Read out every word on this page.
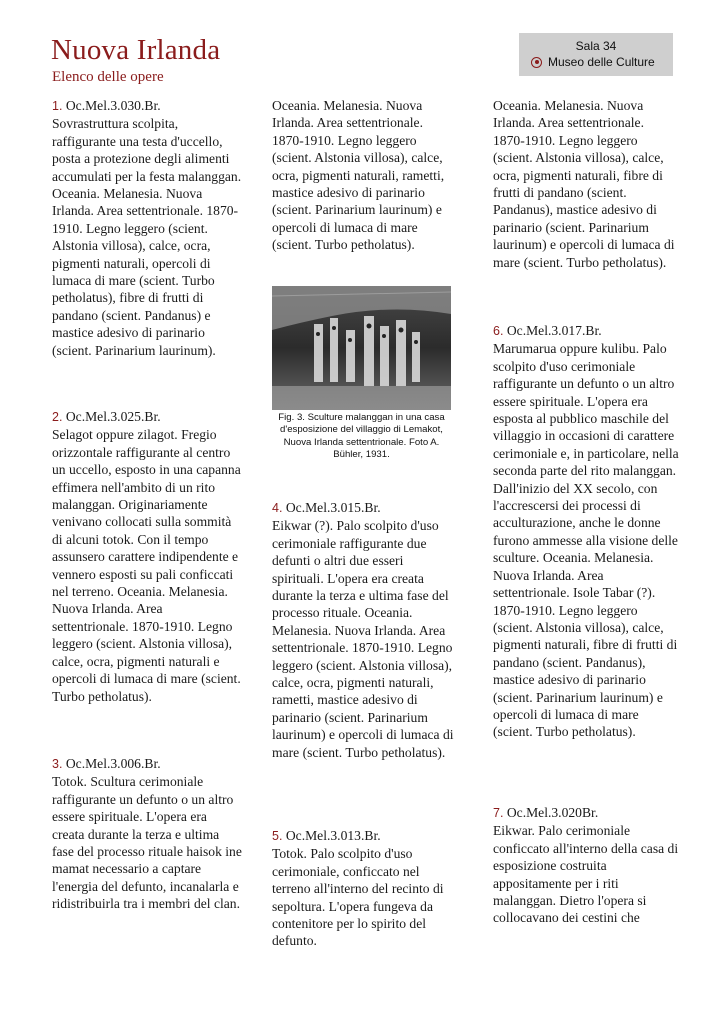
Nuova Irlanda
Elenco delle opere
Sala 34
Museo delle Culture
1. Oc.Mel.3.030.Br.
Sovrastruttura scolpita, raffigurante una testa d'uccello, posta a protezione degli alimenti accumulati per la festa malanggan. Oceania. Melanesia. Nuova Irlanda. Area settentrionale. 1870-1910. Legno leggero (scient. Alstonia villosa), calce, ocra, pigmenti naturali, opercoli di lumaca di mare (scient. Turbo petholatus), fibre di frutti di pandano (scient. Pandanus) e mastice adesivo di parinario (scient. Parinarium laurinum).
2. Oc.Mel.3.025.Br.
Selagot oppure zilagot. Fregio orizzontale raffigurante al centro un uccello, esposto in una capanna effimera nell'ambito di un rito malanggan. Originariamente venivano collocati sulla sommità di alcuni totok. Con il tempo assunsero carattere indipendente e vennero esposti su pali conficcati nel terreno. Oceania. Melanesia. Nuova Irlanda. Area settentrionale. 1870-1910. Legno leggero (scient. Alstonia villosa), calce, ocra, pigmenti naturali e opercoli di lumaca di mare (scient. Turbo petholatus).
3. Oc.Mel.3.006.Br.
Totok. Scultura cerimoniale raffigurante un defunto o un altro essere spirituale. L'opera era creata durante la terza e ultima fase del processo rituale haisok ine mamat necessario a captare l'energia del defunto, incanalarla e ridistribuirla tra i membri del clan.
Oceania. Melanesia. Nuova Irlanda. Area settentrionale. 1870-1910. Legno leggero (scient. Alstonia villosa), calce, ocra, pigmenti naturali, rametti, mastice adesivo di parinario (scient. Parinarium laurinum) e opercoli di lumaca di mare (scient. Turbo petholatus).
Fig. 3. Sculture malanggan in una casa d'esposizione del villaggio di Lemakot, Nuova Irlanda settentrionale. Foto A. Bühler, 1931.
4. Oc.Mel.3.015.Br.
Eikwar (?). Palo scolpito d'uso cerimoniale raffigurante due defunti o altri due esseri spirituali. L'opera era creata durante la terza e ultima fase del processo rituale. Oceania. Melanesia. Nuova Irlanda. Area settentrionale. 1870-1910. Legno leggero (scient. Alstonia villosa), calce, ocra, pigmenti naturali, rametti, mastice adesivo di parinario (scient. Parinarium laurinum) e opercoli di lumaca di mare (scient. Turbo petholatus).
5. Oc.Mel.3.013.Br.
Totok. Palo scolpito d'uso cerimoniale, conficcato nel terreno all'interno del recinto di sepoltura. L'opera fungeva da contenitore per lo spirito del defunto.
Oceania. Melanesia. Nuova Irlanda. Area settentrionale. 1870-1910. Legno leggero (scient. Alstonia villosa), calce, ocra, pigmenti naturali, fibre di frutti di pandano (scient. Pandanus), mastice adesivo di parinario (scient. Parinarium laurinum) e opercoli di lumaca di mare (scient. Turbo petholatus).
6. Oc.Mel.3.017.Br.
Marumarua oppure kulibu. Palo scolpito d'uso cerimoniale raffigurante un defunto o un altro essere spirituale. L'opera era esposta al pubblico maschile del villaggio in occasioni di carattere cerimoniale e, in particolare, nella seconda parte del rito malanggan. Dall'inizio del XX secolo, con l'accrescersi dei processi di acculturazione, anche le donne furono ammesse alla visione delle sculture. Oceania. Melanesia. Nuova Irlanda. Area settentrionale. Isole Tabar (?). 1870-1910. Legno leggero (scient. Alstonia villosa), calce, pigmenti naturali, fibre di frutti di pandano (scient. Pandanus), mastice adesivo di parinario (scient. Parinarium laurinum) e opercoli di lumaca di mare (scient. Turbo petholatus).
7. Oc.Mel.3.020Br.
Eikwar. Palo cerimoniale conficcato all'interno della casa di esposizione costruita appositamente per i riti malanggan. Dietro l'opera si collocavano dei cestini che
